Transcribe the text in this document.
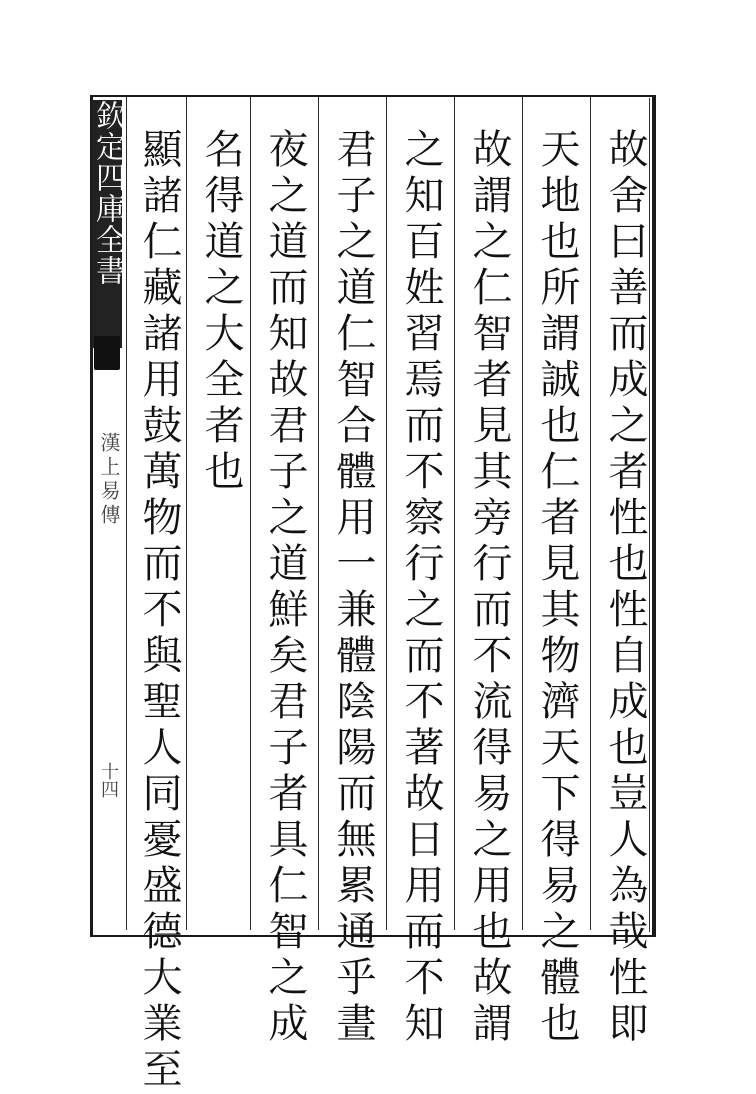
欽定四庫全書
漢上易傳
十四	故舍曰善而成之者性也性自成也豈人為哉性即
天地也所謂誠也仁者見其物濟天下得易之體也
故謂之仁智者見其旁行而不流得易之用也故謂
之知百姓習焉而不察行之而不著故日用而不知
君子之道仁智合體用一兼體陰陽而無累通乎晝
夜之道而知故君子之道鮮矣君子者具仁智之成
名得道之大全者也
顯諸仁藏諸用鼓萬物而不與聖人同憂盛德大業至
